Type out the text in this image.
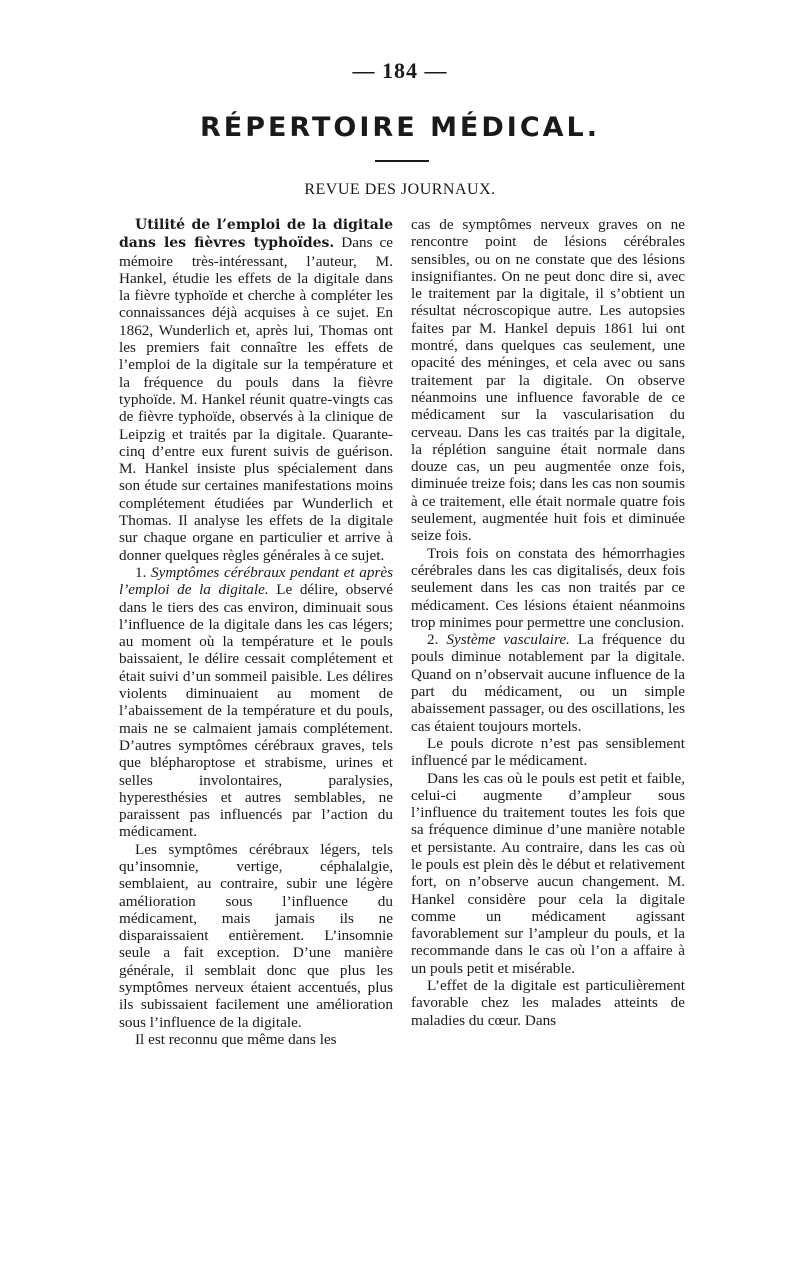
— 184 —
RÉPERTOIRE MÉDICAL.
REVUE DES JOURNAUX.

Utilité de l’emploi de la digitale dans les fièvres typhoïdes. Dans ce mémoire très-intéressant, l’auteur, M. Hankel, étudie les effets de la digitale dans la fièvre typhoïde et cherche à compléter les connaissances déjà acquises à ce sujet. En 1862, Wunderlich et, après lui, Thomas ont les premiers fait connaître les effets de l’emploi de la digitale sur la température et la fréquence du pouls dans la fièvre typhoïde. M. Hankel réunit quatre-vingts cas de fièvre typhoïde, observés à la clinique de Leipzig et traités par la digitale. Quarante-cinq d’entre eux furent suivis de guérison. M. Hankel insiste plus spécialement dans son étude sur certaines manifestations moins complétement étudiées par Wunderlich et Thomas. Il analyse les effets de la digitale sur chaque organe en particulier et arrive à donner quelques règles générales à ce sujet.

1. Symptômes cérébraux pendant et après l’emploi de la digitale. Le délire, observé dans le tiers des cas environ, diminuait sous l’influence de la digitale dans les cas légers; au moment où la température et le pouls baissaient, le délire cessait complétement et était suivi d’un sommeil paisible. Les délires violents diminuaient au moment de l’abaissement de la température et du pouls, mais ne se calmaient jamais complétement. D’autres symptômes cérébraux graves, tels que blépharoptose et strabisme, urines et selles involontaires, paralysies, hyperesthésies et autres semblables, ne paraissent pas influencés par l’action du médicament.

Les symptômes cérébraux légers, tels qu’insomnie, vertige, céphalalgie, semblaient, au contraire, subir une légère amélioration sous l’influence du médicament, mais jamais ils ne disparaissaient entièrement. L’insomnie seule a fait exception. D’une manière générale, il semblait donc que plus les symptômes nerveux étaient accentués, plus ils subissaient facilement une amélioration sous l’influence de la digitale.

Il est reconnu que même dans les

cas de symptômes nerveux graves on ne rencontre point de lésions cérébrales sensibles, ou on ne constate que des lésions insignifiantes. On ne peut donc dire si, avec le traitement par la digitale, il s’obtient un résultat nécroscopique autre. Les autopsies faites par M. Hankel depuis 1861 lui ont montré, dans quelques cas seulement, une opacité des méninges, et cela avec ou sans traitement par la digitale. On observe néanmoins une influence favorable de ce médicament sur la vascularisation du cerveau. Dans les cas traités par la digitale, la réplétion sanguine était normale dans douze cas, un peu augmentée onze fois, diminuée treize fois; dans les cas non soumis à ce traitement, elle était normale quatre fois seulement, augmentée huit fois et diminuée seize fois.

Trois fois on constata des hémorrhagies cérébrales dans les cas digitalisés, deux fois seulement dans les cas non traités par ce médicament. Ces lésions étaient néanmoins trop minimes pour permettre une conclusion.

2. Système vasculaire. La fréquence du pouls diminue notablement par la digitale. Quand on n’observait aucune influence de la part du médicament, ou un simple abaissement passager, ou des oscillations, les cas étaient toujours mortels.

Le pouls dicrote n’est pas sensiblement influencé par le médicament.

Dans les cas où le pouls est petit et faible, celui-ci augmente d’ampleur sous l’influence du traitement toutes les fois que sa fréquence diminue d’une manière notable et persistante. Au contraire, dans les cas où le pouls est plein dès le début et relativement fort, on n’observe aucun changement. M. Hankel considère pour cela la digitale comme un médicament agissant favorablement sur l’ampleur du pouls, et la recommande dans le cas où l’on a affaire à un pouls petit et misérable.

L’effet de la digitale est particulièrement favorable chez les malades atteints de maladies du cœur. Dans
